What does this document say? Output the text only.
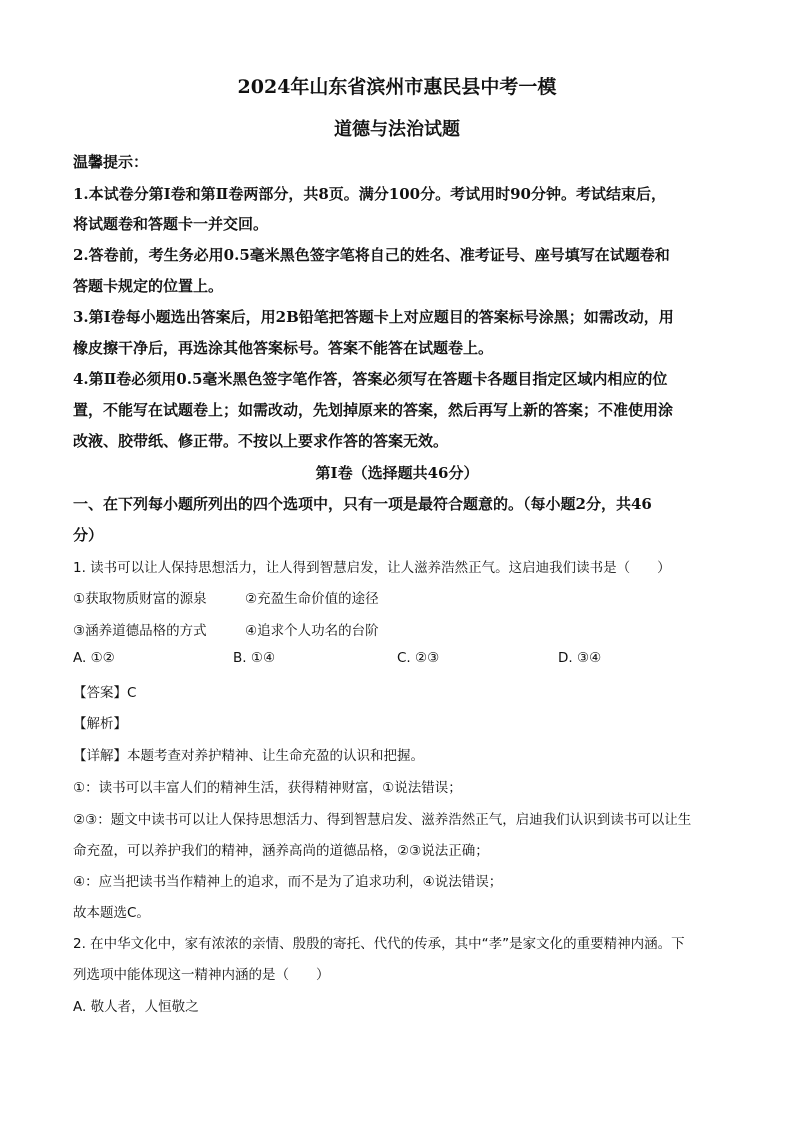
2024年山东省滨州市惠民县中考一模
道德与法治试题
温馨提示：
1.本试卷分第Ⅰ卷和第Ⅱ卷两部分，共8页。满分100分。考试用时90分钟。考试结束后，
将试题卷和答题卡一并交回。
2.答卷前，考生务必用0.5毫米黑色签字笔将自己的姓名、准考证号、座号填写在试题卷和
答题卡规定的位置上。
3.第Ⅰ卷每小题选出答案后，用2B铅笔把答题卡上对应题目的答案标号涂黑；如需改动，用
橡皮擦干净后，再选涂其他答案标号。答案不能答在试题卷上。
4.第Ⅱ卷必须用0.5毫米黑色签字笔作答，答案必须写在答题卡各题目指定区域内相应的位
置，不能写在试题卷上；如需改动，先划掉原来的答案，然后再写上新的答案；不准使用涂
改液、胶带纸、修正带。不按以上要求作答的答案无效。
第Ⅰ卷（选择题共46分）
一、在下列每小题所列出的四个选项中，只有一项是最符合题意的。（每小题2分，共46
分）
1. 读书可以让人保持思想活力，让人得到智慧启发，让人滋养浩然正气。这启迪我们读书是（　　）
①获取物质财富的源泉	②充盈生命价值的途径
③涵养道德品格的方式	④追求个人功名的台阶
A. ①②	B. ①④	C. ②③	D. ③④
【答案】C
【解析】
【详解】本题考查对养护精神、让生命充盈的认识和把握。
①：读书可以丰富人们的精神生活，获得精神财富，①说法错误；
②③：题文中读书可以让人保持思想活力、得到智慧启发、滋养浩然正气，启迪我们认识到读书可以让生
命充盈，可以养护我们的精神，涵养高尚的道德品格，②③说法正确；
④：应当把读书当作精神上的追求，而不是为了追求功利，④说法错误；
故本题选C。
2. 在中华文化中，家有浓浓的亲情、殷殷的寄托、代代的传承，其中“孝”是家文化的重要精神内涵。下
列选项中能体现这一精神内涵的是（　　）
A. 敬人者，人恒敬之
